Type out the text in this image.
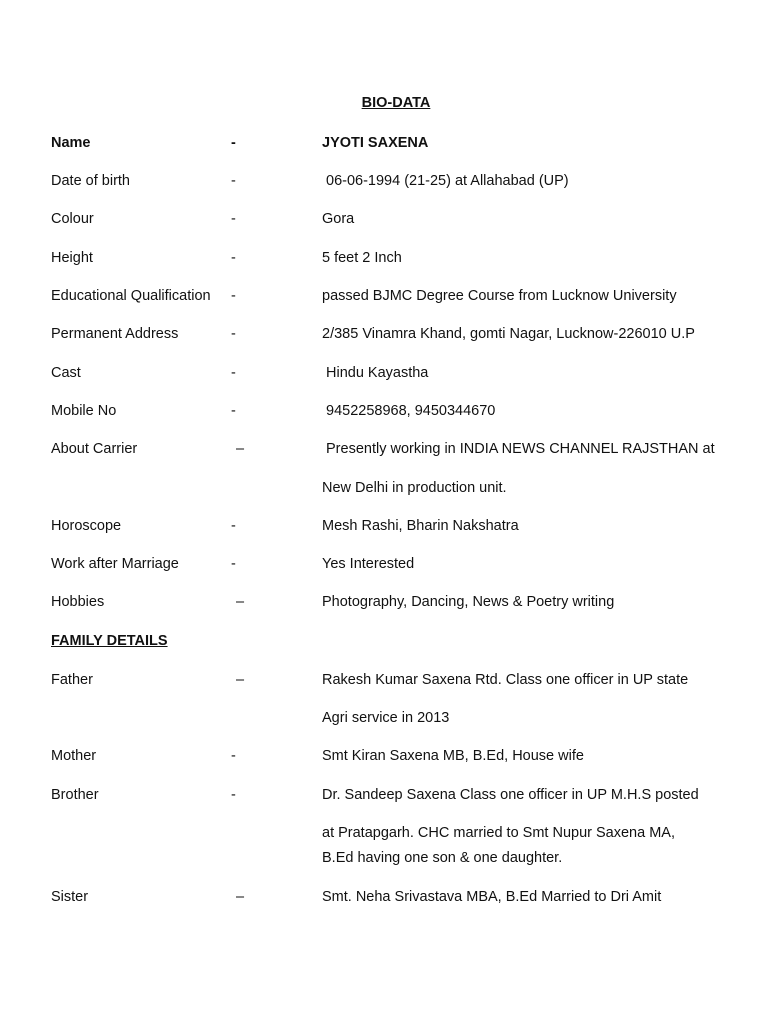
BIO-DATA
Name	-	JYOTI SAXENA
Date of birth	-	06-06-1994 (21-25) at Allahabad (UP)
Colour	-	Gora
Height	-	5 feet 2 Inch
Educational Qualification -	passed BJMC Degree Course from Lucknow University
Permanent Address	-	2/385 Vinamra Khand, gomti Nagar, Lucknow-226010 U.P
Cast	-	Hindu Kayastha
Mobile No	-	9452258968, 9450344670
About Carrier	–	Presently working in INDIA NEWS CHANNEL RAJSTHAN at
New Delhi in production unit.
Horoscope	-	Mesh Rashi, Bharin Nakshatra
Work after Marriage	-	Yes Interested
Hobbies	–	Photography, Dancing, News & Poetry writing
FAMILY DETAILS
Father	–	Rakesh Kumar Saxena Rtd. Class one officer in UP state
Agri service in 2013
Mother	-	Smt Kiran Saxena MB, B.Ed, House wife
Brother	-	Dr. Sandeep Saxena Class one officer in UP M.H.S posted
at Pratapgarh. CHC married to Smt Nupur Saxena MA,
B.Ed having one son & one daughter.
Sister	–	Smt. Neha Srivastava MBA, B.Ed Married to Dri Amit
